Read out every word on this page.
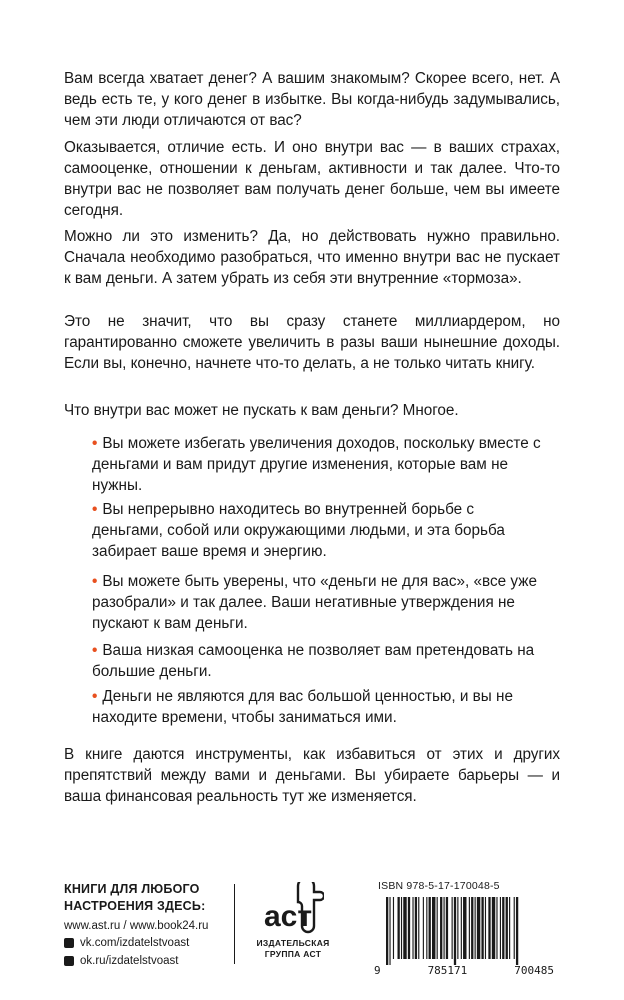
Вам всегда хватает денег? А вашим знакомым? Скорее всего, нет. А ведь есть те, у кого денег в избытке. Вы когда-нибудь задумывались, чем эти люди отличаются от вас?

Оказывается, отличие есть. И оно внутри вас — в ваших страхах, самооценке, отношении к деньгам, активности и так далее. Что-то внутри вас не позволяет вам получать денег больше, чем вы имеете сегодня.

Можно ли это изменить? Да, но действовать нужно правильно. Сначала необходимо разобраться, что именно внутри вас не пускает к вам деньги. А затем убрать из себя эти внутренние «тормоза».

Это не значит, что вы сразу станете миллиардером, но гарантированно сможете увеличить в разы ваши нынешние доходы. Если вы, конечно, начнете что-то делать, а не только читать книгу.

Что внутри вас может не пускать к вам деньги? Многое.

• Вы можете избегать увеличения доходов, поскольку вместе с деньгами и вам придут другие изменения, которые вам не нужны.
• Вы непрерывно находитесь во внутренней борьбе с деньгами, собой или окружающими людьми, и эта борьба забирает ваше время и энергию.
• Вы можете быть уверены, что «деньги не для вас», «все уже разобрали» и так далее. Ваши негативные утверждения не пускают к вам деньги.
• Ваша низкая самооценка не позволяет вам претендовать на большие деньги.
• Деньги не являются для вас большой ценностью, и вы не находите времени, чтобы заниматься ими.

В книге даются инструменты, как избавиться от этих и других препятствий между вами и деньгами. Вы убираете барьеры — и ваша финансовая реальность тут же изменяется.

КНИГИ ДЛЯ ЛЮБОГО
НАСТРОЕНИЯ ЗДЕСЬ:
www.ast.ru / www.book24.ru
vk.com/izdatelstvoast
ok.ru/izdatelstvoast
аст
ИЗДАТЕЛЬСКАЯ
ГРУППА АСТ
ISBN 978-5-17-170048-5
9	785171	700485
